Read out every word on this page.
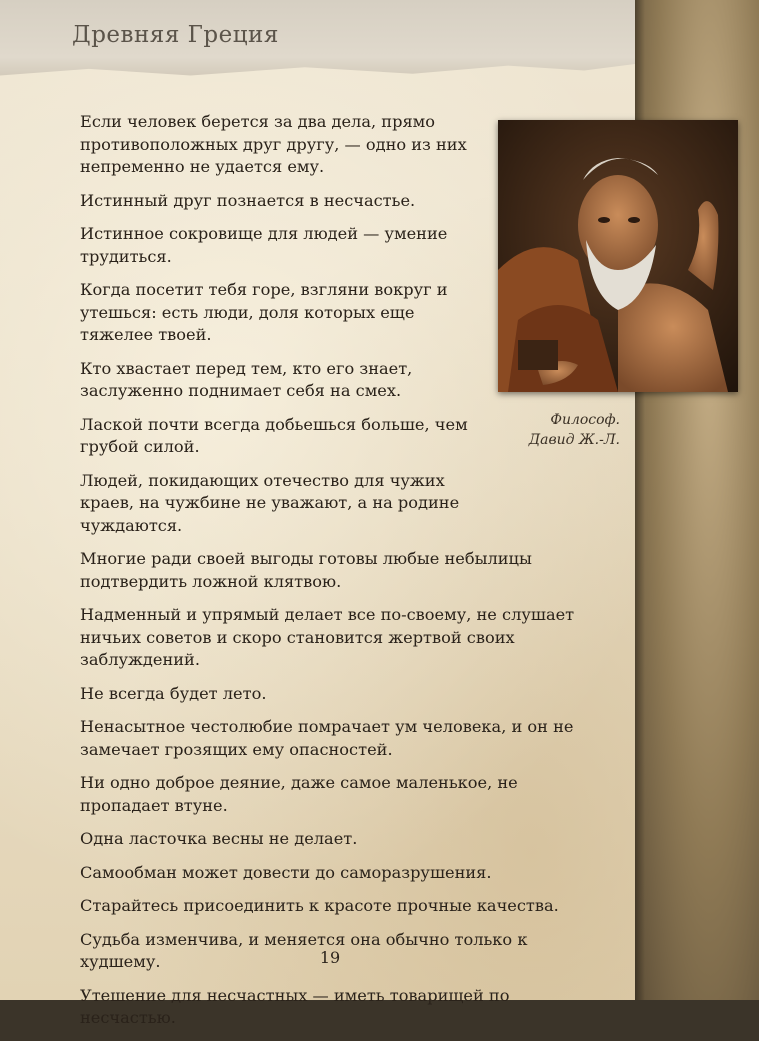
Древняя Греция
Философ.
Давид Ж.-Л.

Если человек берется за два дела, прямо противоположных друг другу, — одно из них непременно не удается ему.

Истинный друг познается в несчастье.

Истинное сокровище для людей — умение трудиться.

Когда посетит тебя горе, взгляни вокруг и утешься: есть люди, доля которых еще тяжелее твоей.

Кто хвастает перед тем, кто его знает, заслуженно поднимает себя на смех.

Лаской почти всегда добьешься больше, чем грубой силой.

Людей, покидающих отечество для чужих краев, на чужбине не уважают, а на родине чуждаются.

Многие ради своей выгоды готовы любые небылицы подтвердить ложной клятвою.

Надменный и упрямый делает все по-своему, не слушает ничьих советов и скоро становится жертвой своих заблуждений.

Не всегда будет лето.

Ненасытное честолюбие помрачает ум человека, и он не замечает грозящих ему опасностей.

Ни одно доброе деяние, даже самое маленькое, не пропадает втуне.

Одна ласточка весны не делает.

Самообман может довести до саморазрушения.

Старайтесь присоединить к красоте прочные качества.

Судьба изменчива, и меняется она обычно только к худшему.

Утешение для несчастных — иметь товарищей по несчастью.

19
